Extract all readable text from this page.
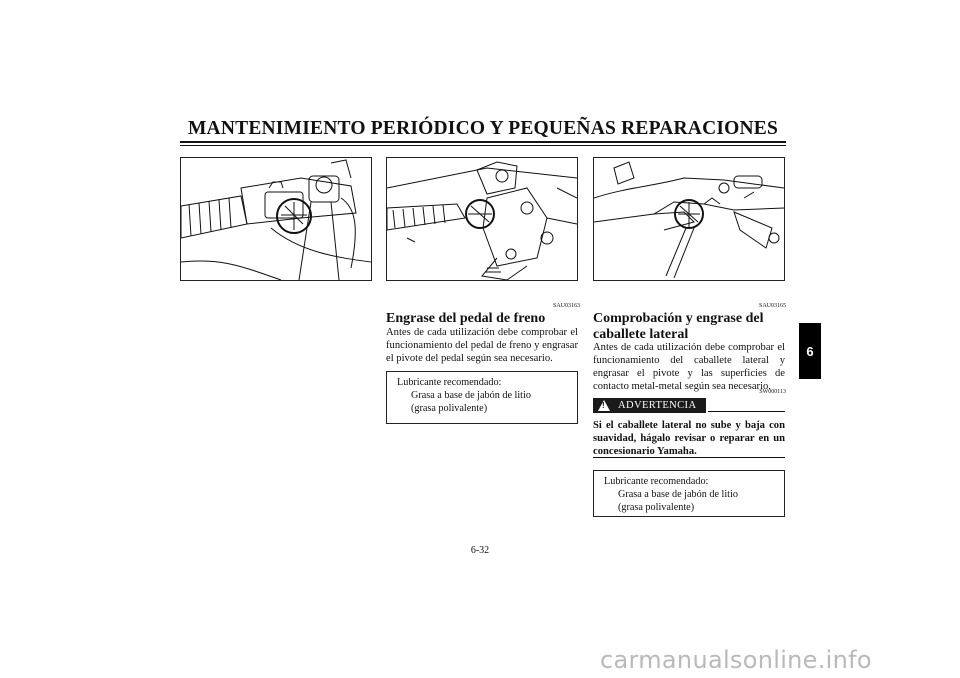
MANTENIMIENTO PERIÓDICO Y PEQUEÑAS REPARACIONES
SAU03163
Engrase del pedal de freno
Antes de cada utilización debe comprobar el funcionamiento del pedal de freno y engrasar el pivote del pedal según sea necesario.
Lubricante recomendado:
Grasa a base de jabón de litio
(grasa polivalente)
SAU03165
Comprobación y engrase del
caballete lateral
Antes de cada utilización debe comprobar el funcionamiento del caballete lateral y engrasar el pivote y las superficies de contacto metal-metal según sea necesario.
SW000113
! ADVERTENCIA
Si el caballete lateral no sube y baja con suavidad, hágalo revisar o reparar en un concesionario Yamaha.
Lubricante recomendado:
Grasa a base de jabón de litio
(grasa polivalente)
6
6-32
carmanualsonline.info
